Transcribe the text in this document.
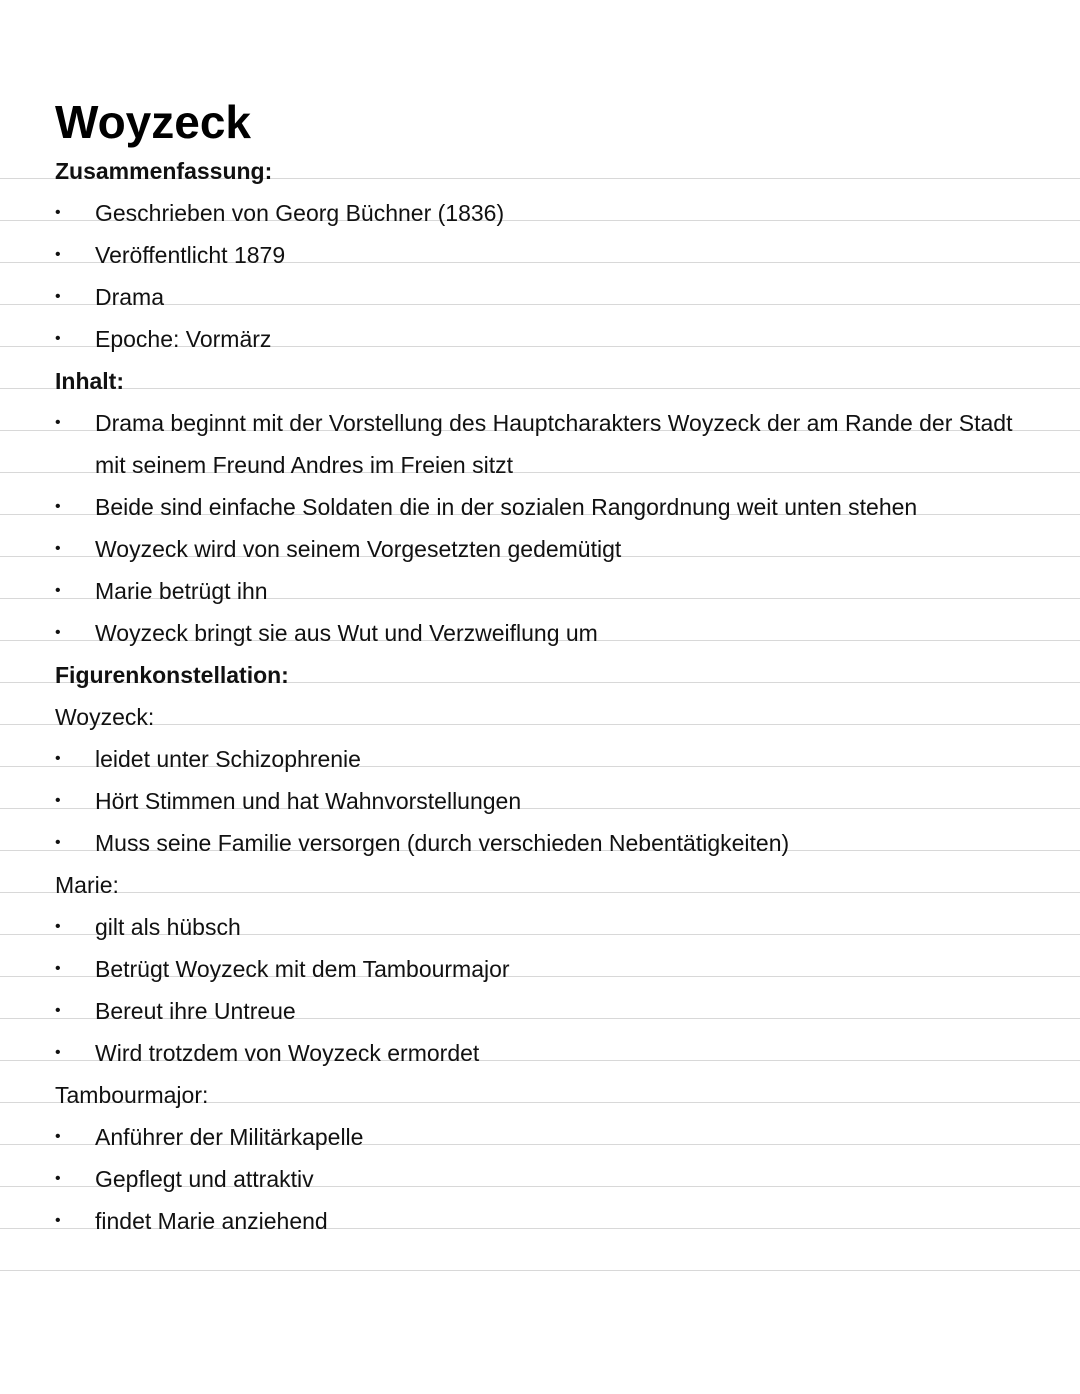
Woyzeck
Zusammenfassung:
• Geschrieben von Georg Büchner (1836)
• Veröffentlicht 1879
• Drama
• Epoche: Vormärz
Inhalt:
• Drama beginnt mit der Vorstellung des Hauptcharakters Woyzeck der am Rande der Stadt mit seinem Freund Andres im Freien sitzt
• Beide sind einfache Soldaten die in der sozialen Rangordnung weit unten stehen
• Woyzeck wird von seinem Vorgesetzten gedemütigt
• Marie betrügt ihn
• Woyzeck bringt sie aus Wut und Verzweiflung um
Figurenkonstellation:
Woyzeck:
• leidet unter Schizophrenie
• Hört Stimmen und hat Wahnvorstellungen
• Muss seine Familie versorgen (durch verschieden Nebentätigkeiten)
Marie:
• gilt als hübsch
• Betrügt Woyzeck mit dem Tambourmajor
• Bereut ihre Untreue
• Wird trotzdem von Woyzeck ermordet
Tambourmajor:
• Anführer der Militärkapelle
• Gepflegt und attraktiv
• findet Marie anziehend
